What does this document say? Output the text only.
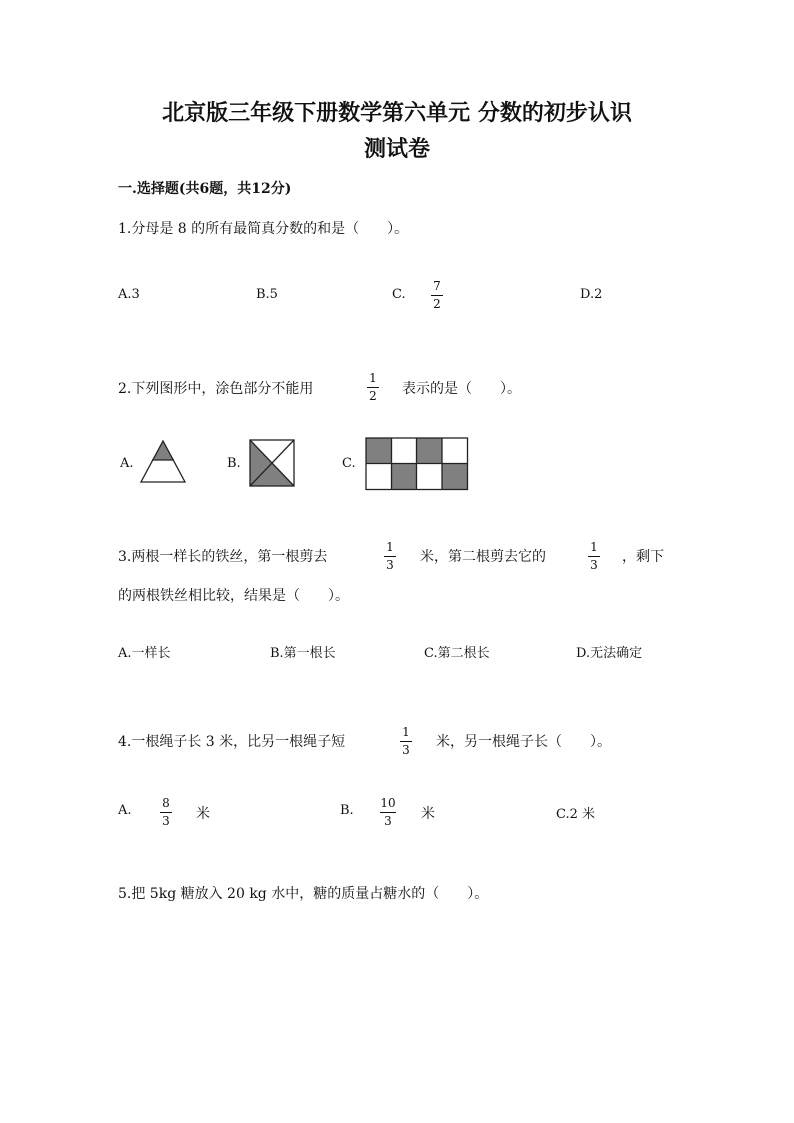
北京版三年级下册数学第六单元 分数的初步认识
测试卷
一.选择题(共6题，共12分)
1.分母是 8 的所有最简真分数的和是（　　）。
A.3	B.5	C.
7
2
D.2
2.下列图形中，涂色部分不能用
1
2 表示的是（　　）。
A.	B.	C.
3.两根一样长的铁丝，第一根剪去
1
3 米，第二根剪去它的
1
3 ，剩下
的两根铁丝相比较，结果是（　　）。
A.一样长	B.第一根长	C.第二根长	D.无法确定
4.一根绳子长 3 米，比另一根绳子短
1
3 米，另一根绳子长（　　）。
A.	8
3 米	B. 10
3 米	C.2 米
5.把 5kg 糖放入 20 kg 水中，糖的质量占糖水的（　　）。
